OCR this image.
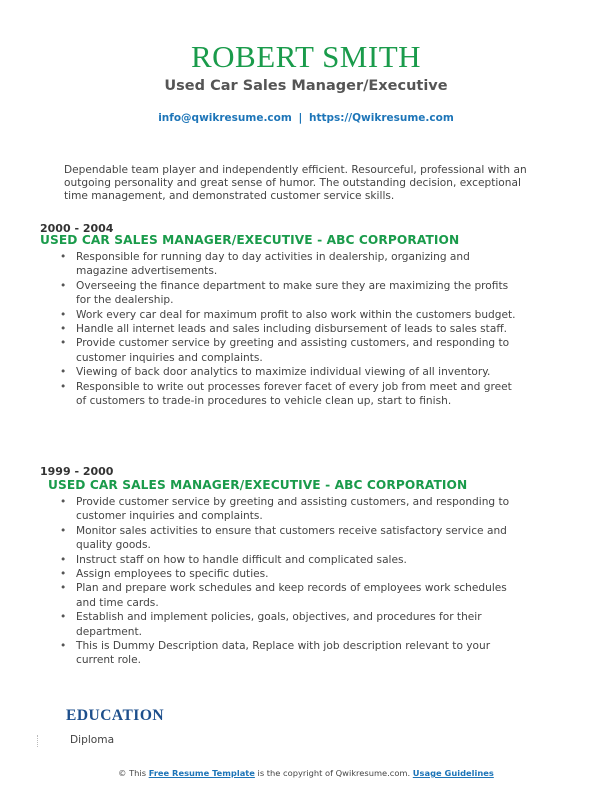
ROBERT SMITH
Used Car Sales Manager/Executive
info@qwikresume.com | https://Qwikresume.com
Dependable team player and independently efficient. Resourceful, professional with an outgoing personality and great sense of humor. The outstanding decision, exceptional time management, and demonstrated customer service skills.
2000 - 2004
USED CAR SALES MANAGER/EXECUTIVE - ABC CORPORATION
• Responsible for running day to day activities in dealership, organizing and magazine advertisements.
• Overseeing the finance department to make sure they are maximizing the profits for the dealership.
• Work every car deal for maximum profit to also work within the customers budget.
• Handle all internet leads and sales including disbursement of leads to sales staff.
• Provide customer service by greeting and assisting customers, and responding to customer inquiries and complaints.
• Viewing of back door analytics to maximize individual viewing of all inventory.
• Responsible to write out processes forever facet of every job from meet and greet of customers to trade-in procedures to vehicle clean up, start to finish.
1999 - 2000
USED CAR SALES MANAGER/EXECUTIVE - ABC CORPORATION
• Provide customer service by greeting and assisting customers, and responding to customer inquiries and complaints.
• Monitor sales activities to ensure that customers receive satisfactory service and quality goods.
• Instruct staff on how to handle difficult and complicated sales.
• Assign employees to specific duties.
• Plan and prepare work schedules and keep records of employees work schedules and time cards.
• Establish and implement policies, goals, objectives, and procedures for their department.
• This is Dummy Description data, Replace with job description relevant to your current role.
EDUCATION
Diploma
© This Free Resume Template is the copyright of Qwikresume.com. Usage Guidelines
